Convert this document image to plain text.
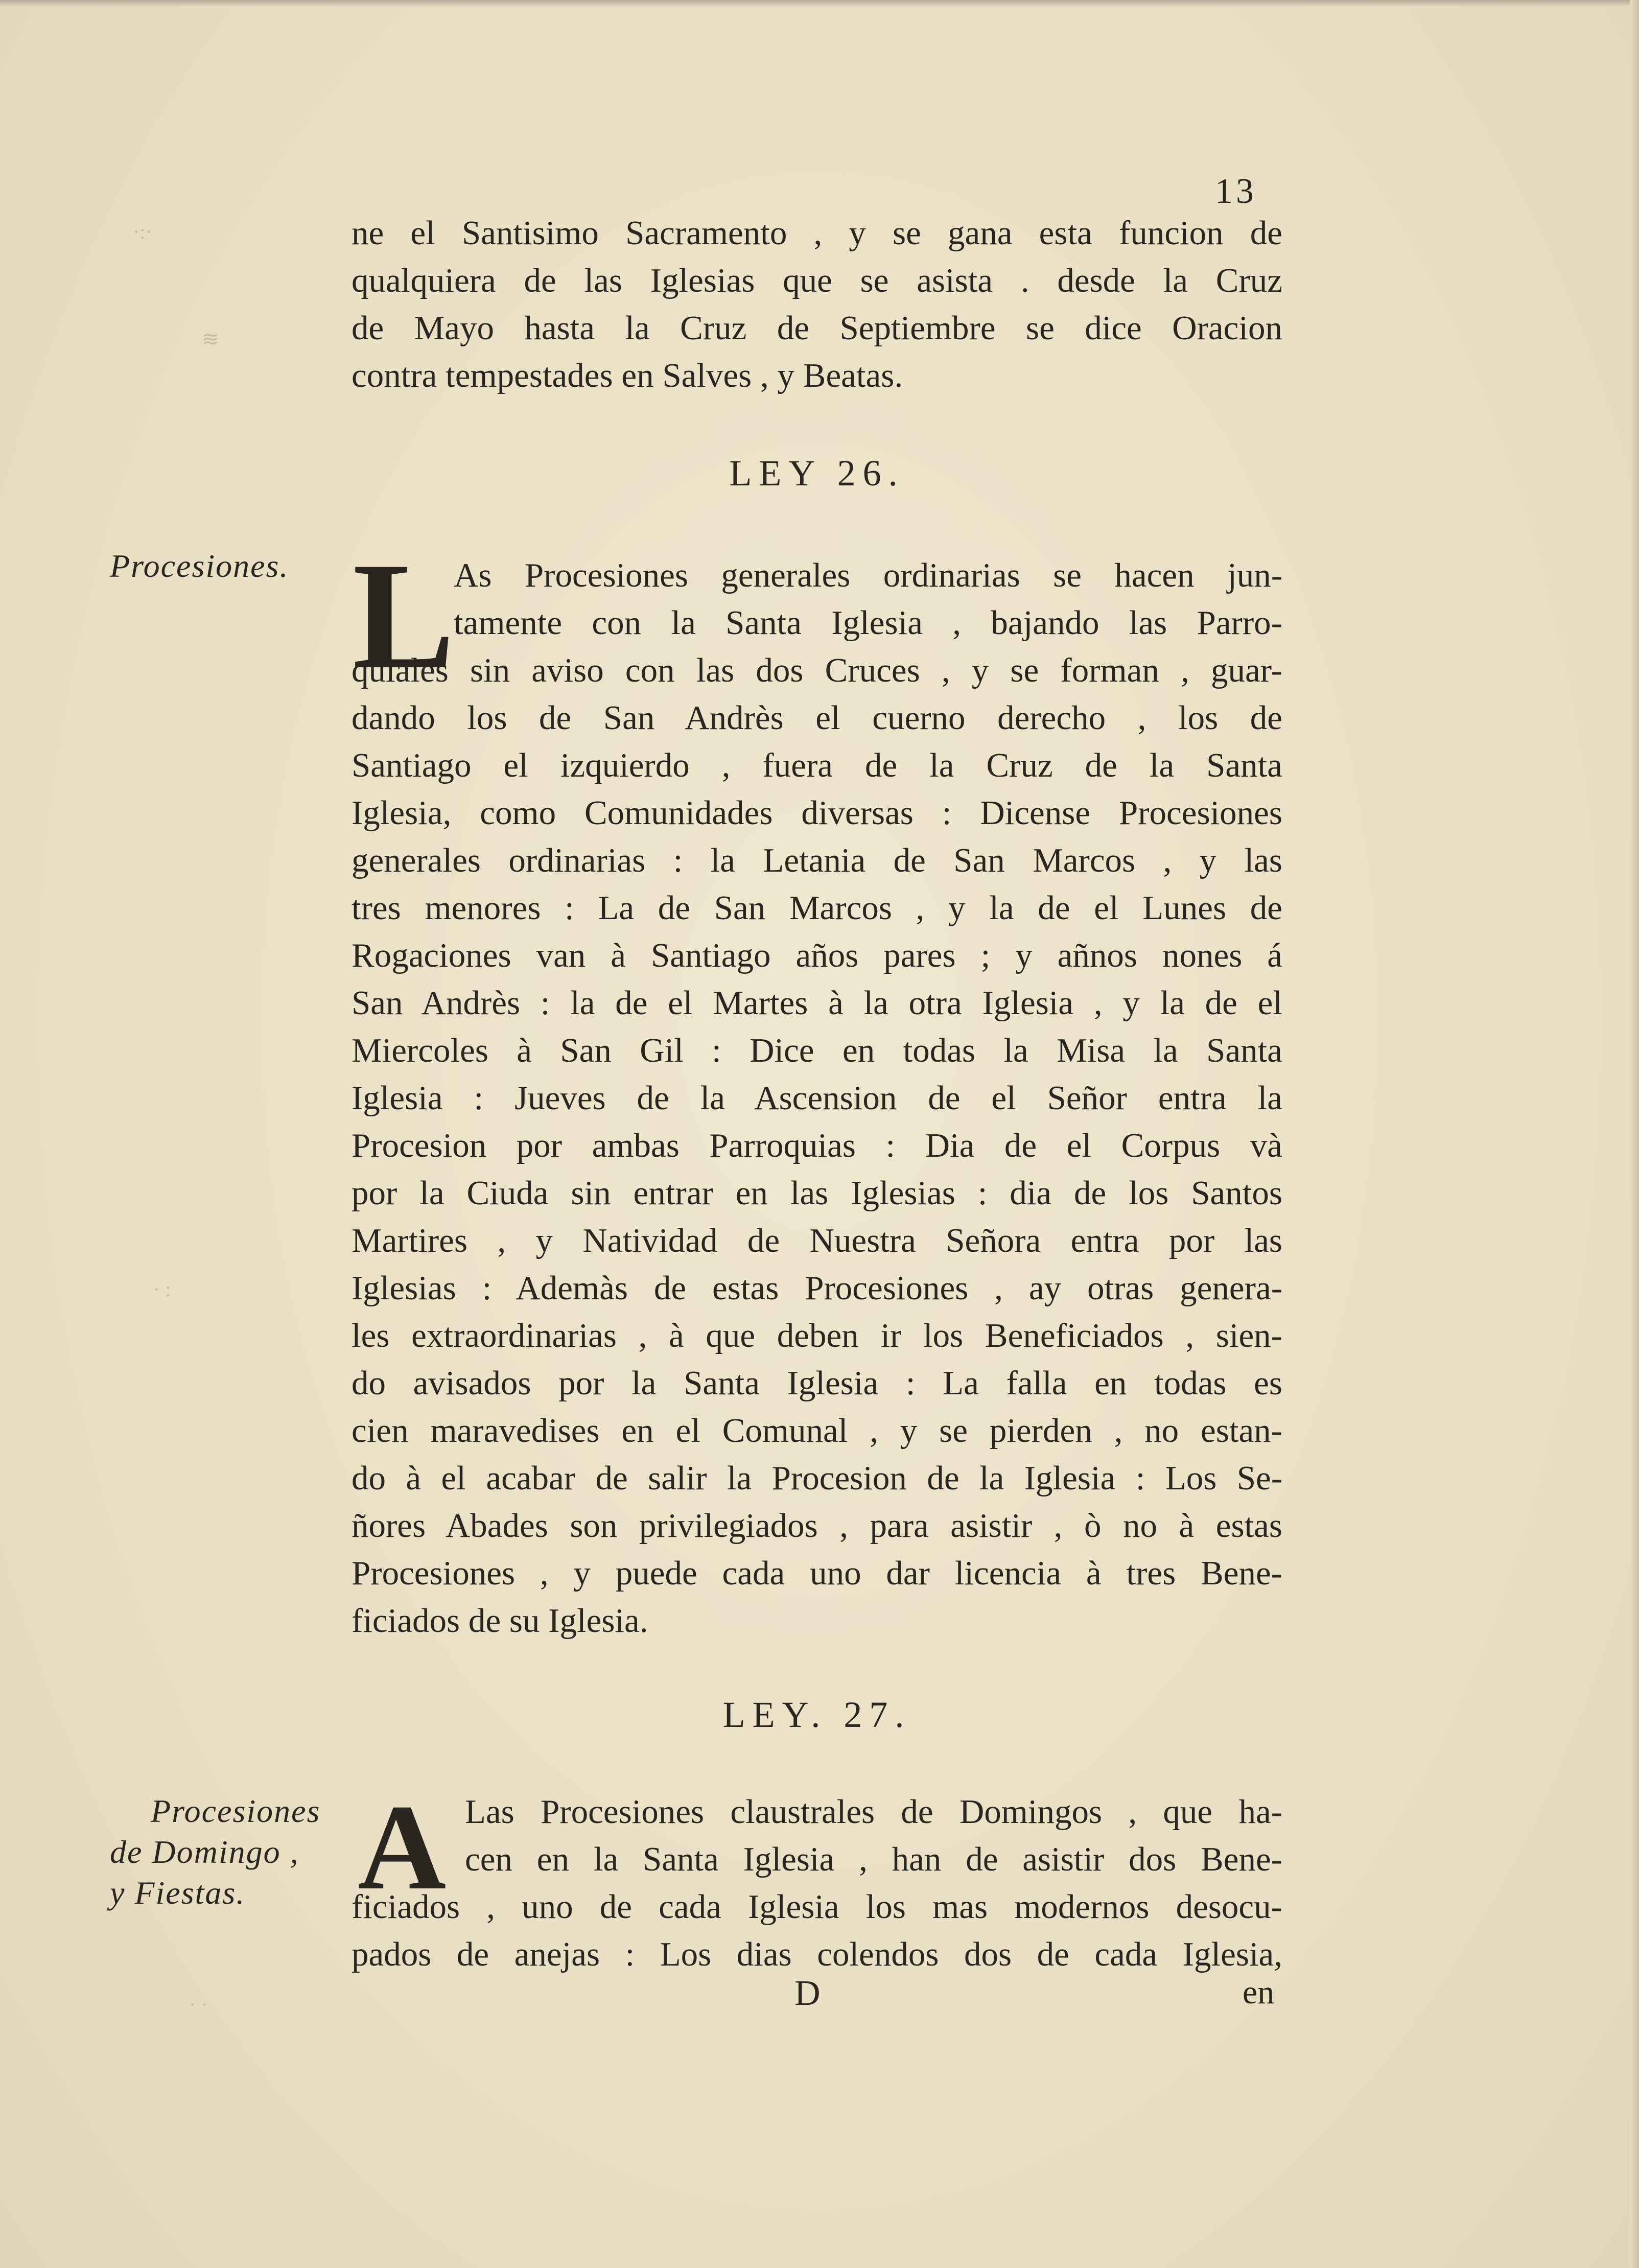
13
·:·
≋
· :
· ·
ne el Santisimo Sacramento , y se gana esta funcion de
qualquiera de las Iglesias que se asista . desde la Cruz
de Mayo hasta la Cruz de Septiembre se dice Oracion
contra tempestades en Salves , y Beatas.
LEY 26.
Procesiones. L
As Procesiones generales ordinarias se hacen jun-
tamente con la Santa Iglesia , bajando las Parro-
quiales sin aviso con las dos Cruces , y se forman , guar-
dando los de San Andrès el cuerno derecho , los de
Santiago el izquierdo , fuera de la Cruz de la Santa
Iglesia, como Comunidades diversas : Dicense Procesiones
generales ordinarias : la Letania de San Marcos , y las
tres menores : La de San Marcos , y la de el Lunes de
Rogaciones van à Santiago años pares ; y añnos nones á
San Andrès : la de el Martes à la otra Iglesia , y la de el
Miercoles à San Gil : Dice en todas la Misa la Santa
Iglesia : Jueves de la Ascension de el Señor entra la
Procesion por ambas Parroquias : Dia de el Corpus và
por la Ciuda sin entrar en las Iglesias : dia de los Santos
Martires , y Natividad de Nuestra Señora entra por las
Iglesias : Ademàs de estas Procesiones , ay otras genera-
les extraordinarias , à que deben ir los Beneficiados , sien-
do avisados por la Santa Iglesia : La falla en todas es
cien maravedises en el Comunal , y se pierden , no estan-
do à el acabar de salir la Procesion de la Iglesia : Los Se-
ñores Abades son privilegiados , para asistir , ò no à estas
Procesiones , y puede cada uno dar licencia à tres Bene-
ficiados de su Iglesia.
LEY. 27.
Procesiones
de Domingo ,
y Fiestas. A Las Procesiones claustrales de Domingos , que ha-
cen en la Santa Iglesia , han de asistir dos Bene-
ficiados , uno de cada Iglesia los mas modernos desocu-
pados de anejas : Los dias colendos dos de cada Iglesia,
D	en
